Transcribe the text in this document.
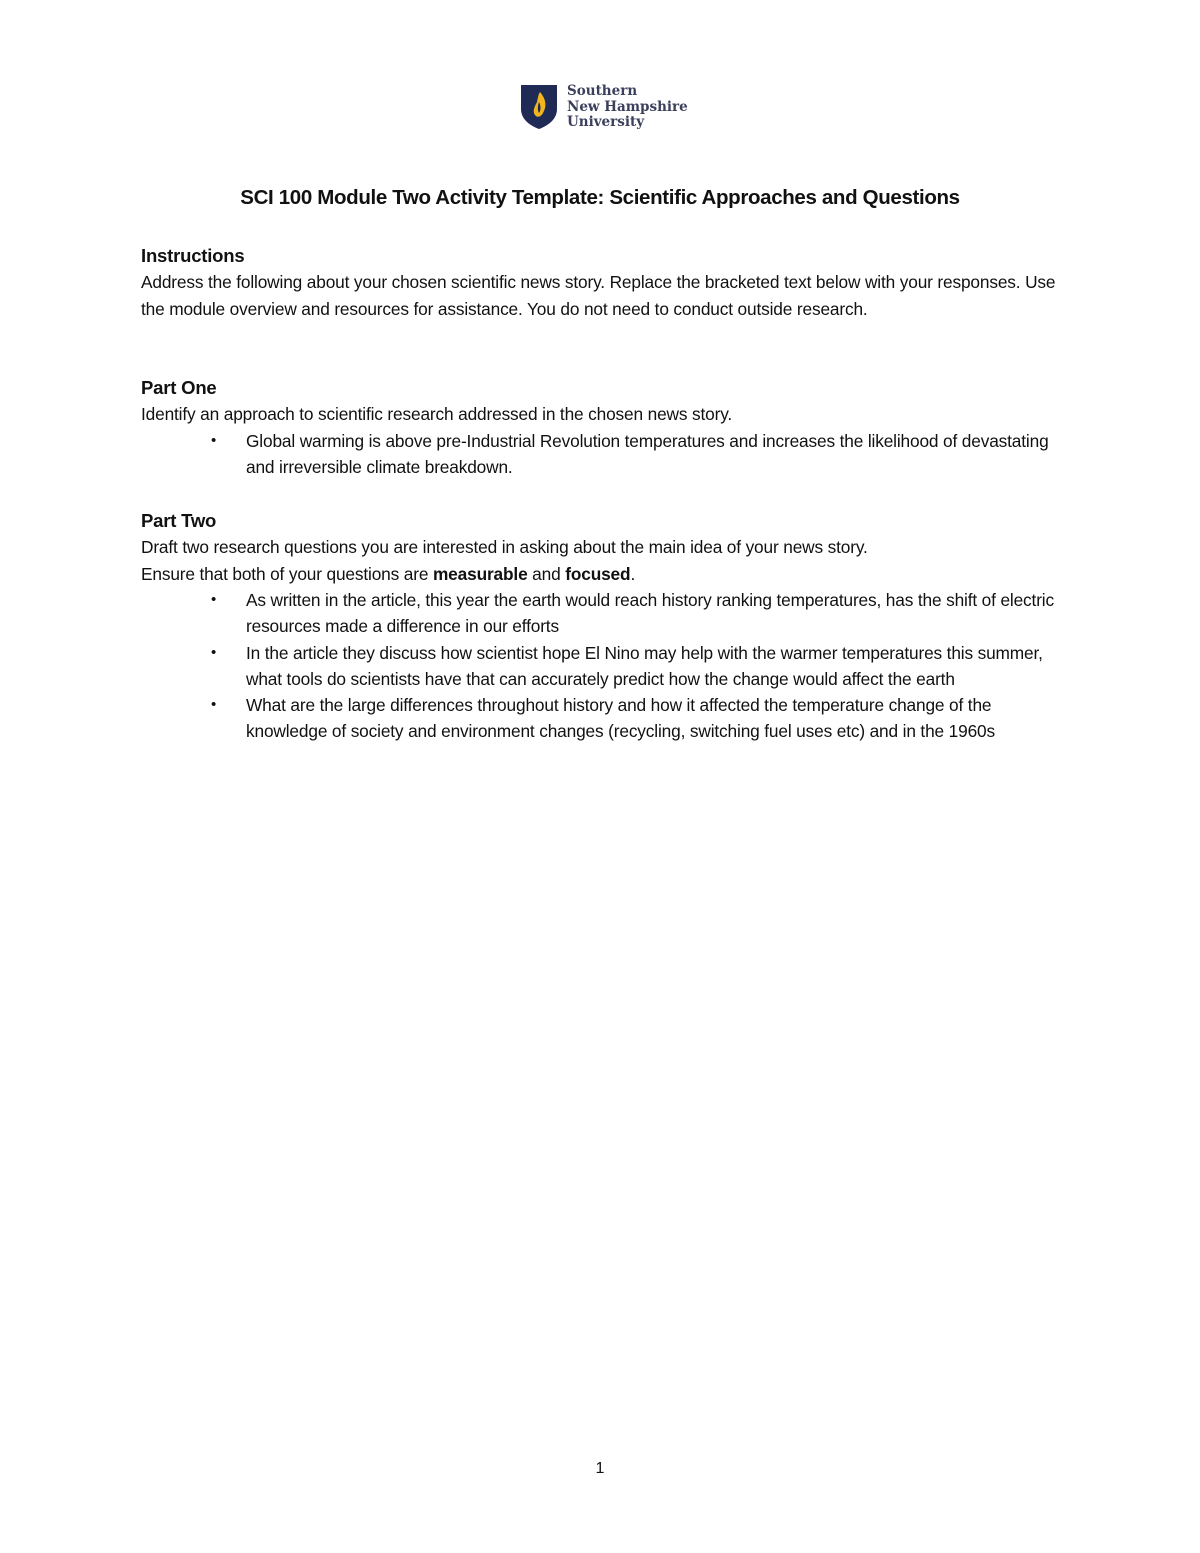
Southern
New Hampshire
University
SCI 100 Module Two Activity Template: Scientific Approaches and Questions

Instructions

Address the following about your chosen scientific news story. Replace the bracketed text below with your responses. Use the module overview and resources for assistance. You do not need to conduct outside research.

Part One

Identify an approach to scientific research addressed in the chosen news story.

• Global warming is above pre-Industrial Revolution temperatures and increases the likelihood of devastating and irreversible climate breakdown.

Part Two

Draft two research questions you are interested in asking about the main idea of your news story.
Ensure that both of your questions are measurable and focused.

• As written in the article, this year the earth would reach history ranking temperatures, has the shift of electric resources made a difference in our efforts
• In the article they discuss how scientist hope El Nino may help with the warmer temperatures this summer, what tools do scientists have that can accurately predict how the change would affect the earth
• What are the large differences throughout history and how it affected the temperature change of the knowledge of society and environment changes (recycling, switching fuel uses etc) and in the 1960s
1
